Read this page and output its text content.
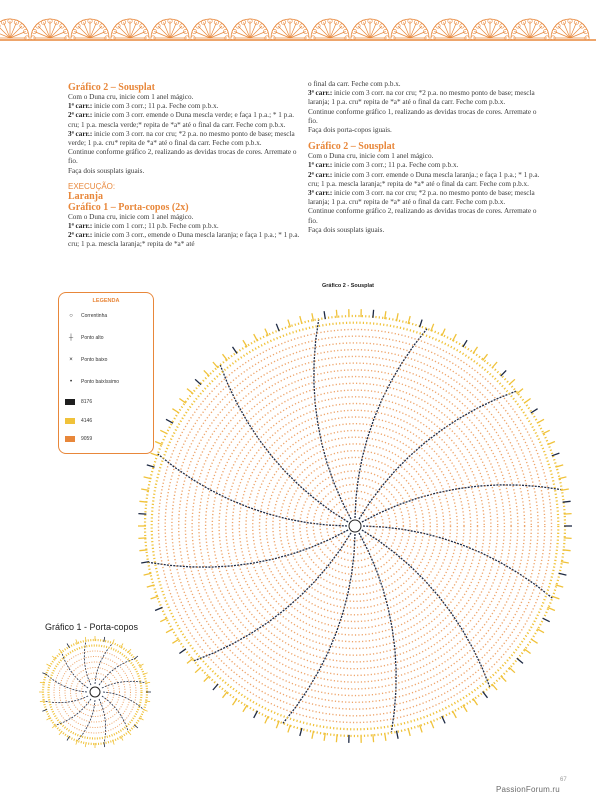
Gráfico 2 – Sousplat

Com o Duna cru, inicie com 1 anel mágico.

1ª carr.: inicie com 3 corr.; 11 p.a. Feche com p.b.x.

2ª carr.: inicie com 3 corr. emende o Duna mescla verde; e faça 1 p.a.; * 1 p.a. cru; 1 p.a. mescla verde;* repita de *a* até o final da carr. Feche com p.b.x.

3ª carr.: inicie com 3 corr. na cor cru; *2 p.a. no mesmo ponto de base; mescla verde; 1 p.a. cru* repita de *a* até o final da carr. Feche com p.b.x.

Continue conforme gráfico 2, realizando as devidas trocas de cores. Arremate o fio.

Faça dois sousplats iguais.

EXECUÇÃO:

Laranja

Gráfico 1 – Porta-copos (2x)

Com o Duna cru, inicie com 1 anel mágico.

1ª carr.: inicie com 1 corr.; 11 p.b. Feche com p.b.x.

2ª carr.: inicie com 3 corr., emende o Duna mescla laranja; e faça 1 p.a.; * 1 p.a. cru; 1 p.a. mescla laranja;* repita de *a* até

o final da carr. Feche com p.b.x.

3ª carr.: inicie com 3 corr. na cor cru; *2 p.a. no mesmo ponto de base; mescla laranja; 1 p.a. cru* repita de *a* até o final da carr. Feche com p.b.x.

Continue conforme gráfico 1, realizando as devidas trocas de cores. Arremate o fio.

Faça dois porta-copos iguais.

Gráfico 2 – Sousplat

Com o Duna cru, inicie com 1 anel mágico.

1ª carr.: inicie com 3 corr.; 11 p.a. Feche com p.b.x.

2ª carr.: inicie com 3 corr. emende o Duna mescla laranja.; e faça 1 p.a.; * 1 p.a. cru; 1 p.a. mescla laranja;* repita de *a* até o final da carr. Feche com p.b.x.

3ª carr.: inicie com 3 corr. na cor cru; *2 p.a. no mesmo ponto de base; mescla laranja; 1 p.a. cru* repita de *a* até o final da carr. Feche com p.b.x.

Continue conforme gráfico 2, realizando as devidas trocas de cores. Arremate o fio.

Faça dois sousplats iguais.

LEGENDA
○	Correntinha
┼	Ponto alto
×	Ponto baixo
•	Ponto baixíssimo
8176
4146
9059
Gráfico 2 - Sousplat
Gráfico 1 - Porta-copos
67
PassionForum.ru
